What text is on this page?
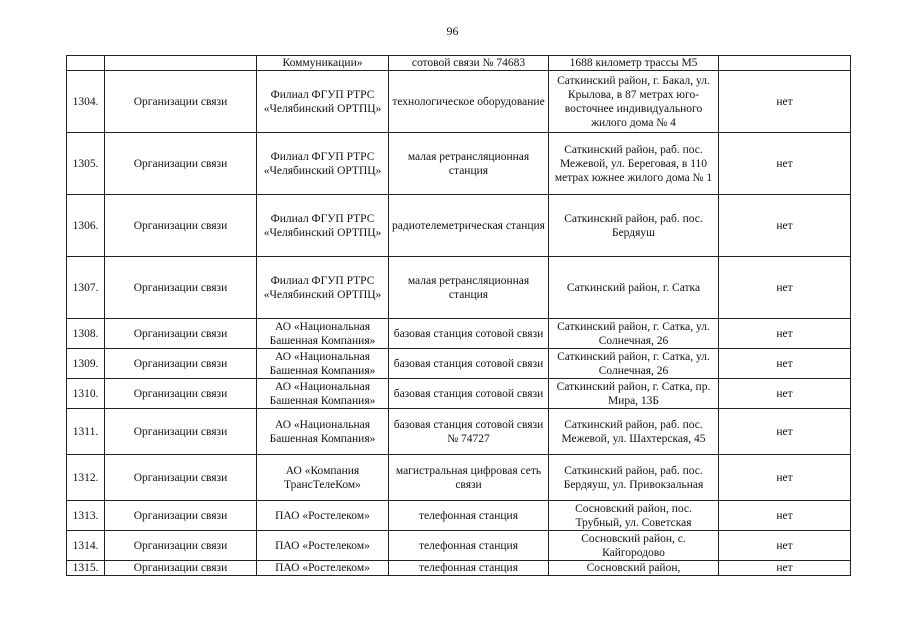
96
		Коммуникации»	сотовой связи № 74683	1688 километр трассы М5	
1304.	Организации связи	Филиал ФГУП РТРС «Челябинский ОРТПЦ»	технологическое оборудование	Саткинский район, г. Бакал, ул. Крылова, в 87 метрах юго-восточнее индивидуального жилого дома № 4	нет
1305.	Организации связи	Филиал ФГУП РТРС «Челябинский ОРТПЦ»	малая ретрансляционная станция	Саткинский район, раб. пос. Межевой, ул. Береговая, в 110 метрах южнее жилого дома № 1	нет
1306.	Организации связи	Филиал ФГУП РТРС «Челябинский ОРТПЦ»	радиотелеметрическая станция	Саткинский район, раб. пос. Бердяуш	нет
1307.	Организации связи	Филиал ФГУП РТРС «Челябинский ОРТПЦ»	малая ретрансляционная станция	Саткинский район, г. Сатка	нет
1308.	Организации связи	АО «Национальная Башенная Компания»	базовая станция сотовой связи	Саткинский район, г. Сатка, ул. Солнечная, 26	нет
1309.	Организации связи	АО «Национальная Башенная Компания»	базовая станция сотовой связи	Саткинский район, г. Сатка, ул. Солнечная, 26	нет
1310.	Организации связи	АО «Национальная Башенная Компания»	базовая станция сотовой связи	Саткинский район, г. Сатка, пр. Мира, 13Б	нет
1311.	Организации связи	АО «Национальная Башенная Компания»	базовая станция сотовой связи № 74727	Саткинский район, раб. пос. Межевой, ул. Шахтерская, 45	нет
1312.	Организации связи	АО «Компания ТрансТелеКом»	магистральная цифровая сеть связи	Саткинский район, раб. пос. Бердяуш, ул. Привокзальная	нет
1313.	Организации связи	ПАО «Ростелеком»	телефонная станция	Сосновский район, пос. Трубный, ул. Советская	нет
1314.	Организации связи	ПАО «Ростелеком»	телефонная станция	Сосновский район, с. Кайгородово	нет
1315.	Организации связи	ПАО «Ростелеком»	телефонная станция	Сосновский район,	нет
